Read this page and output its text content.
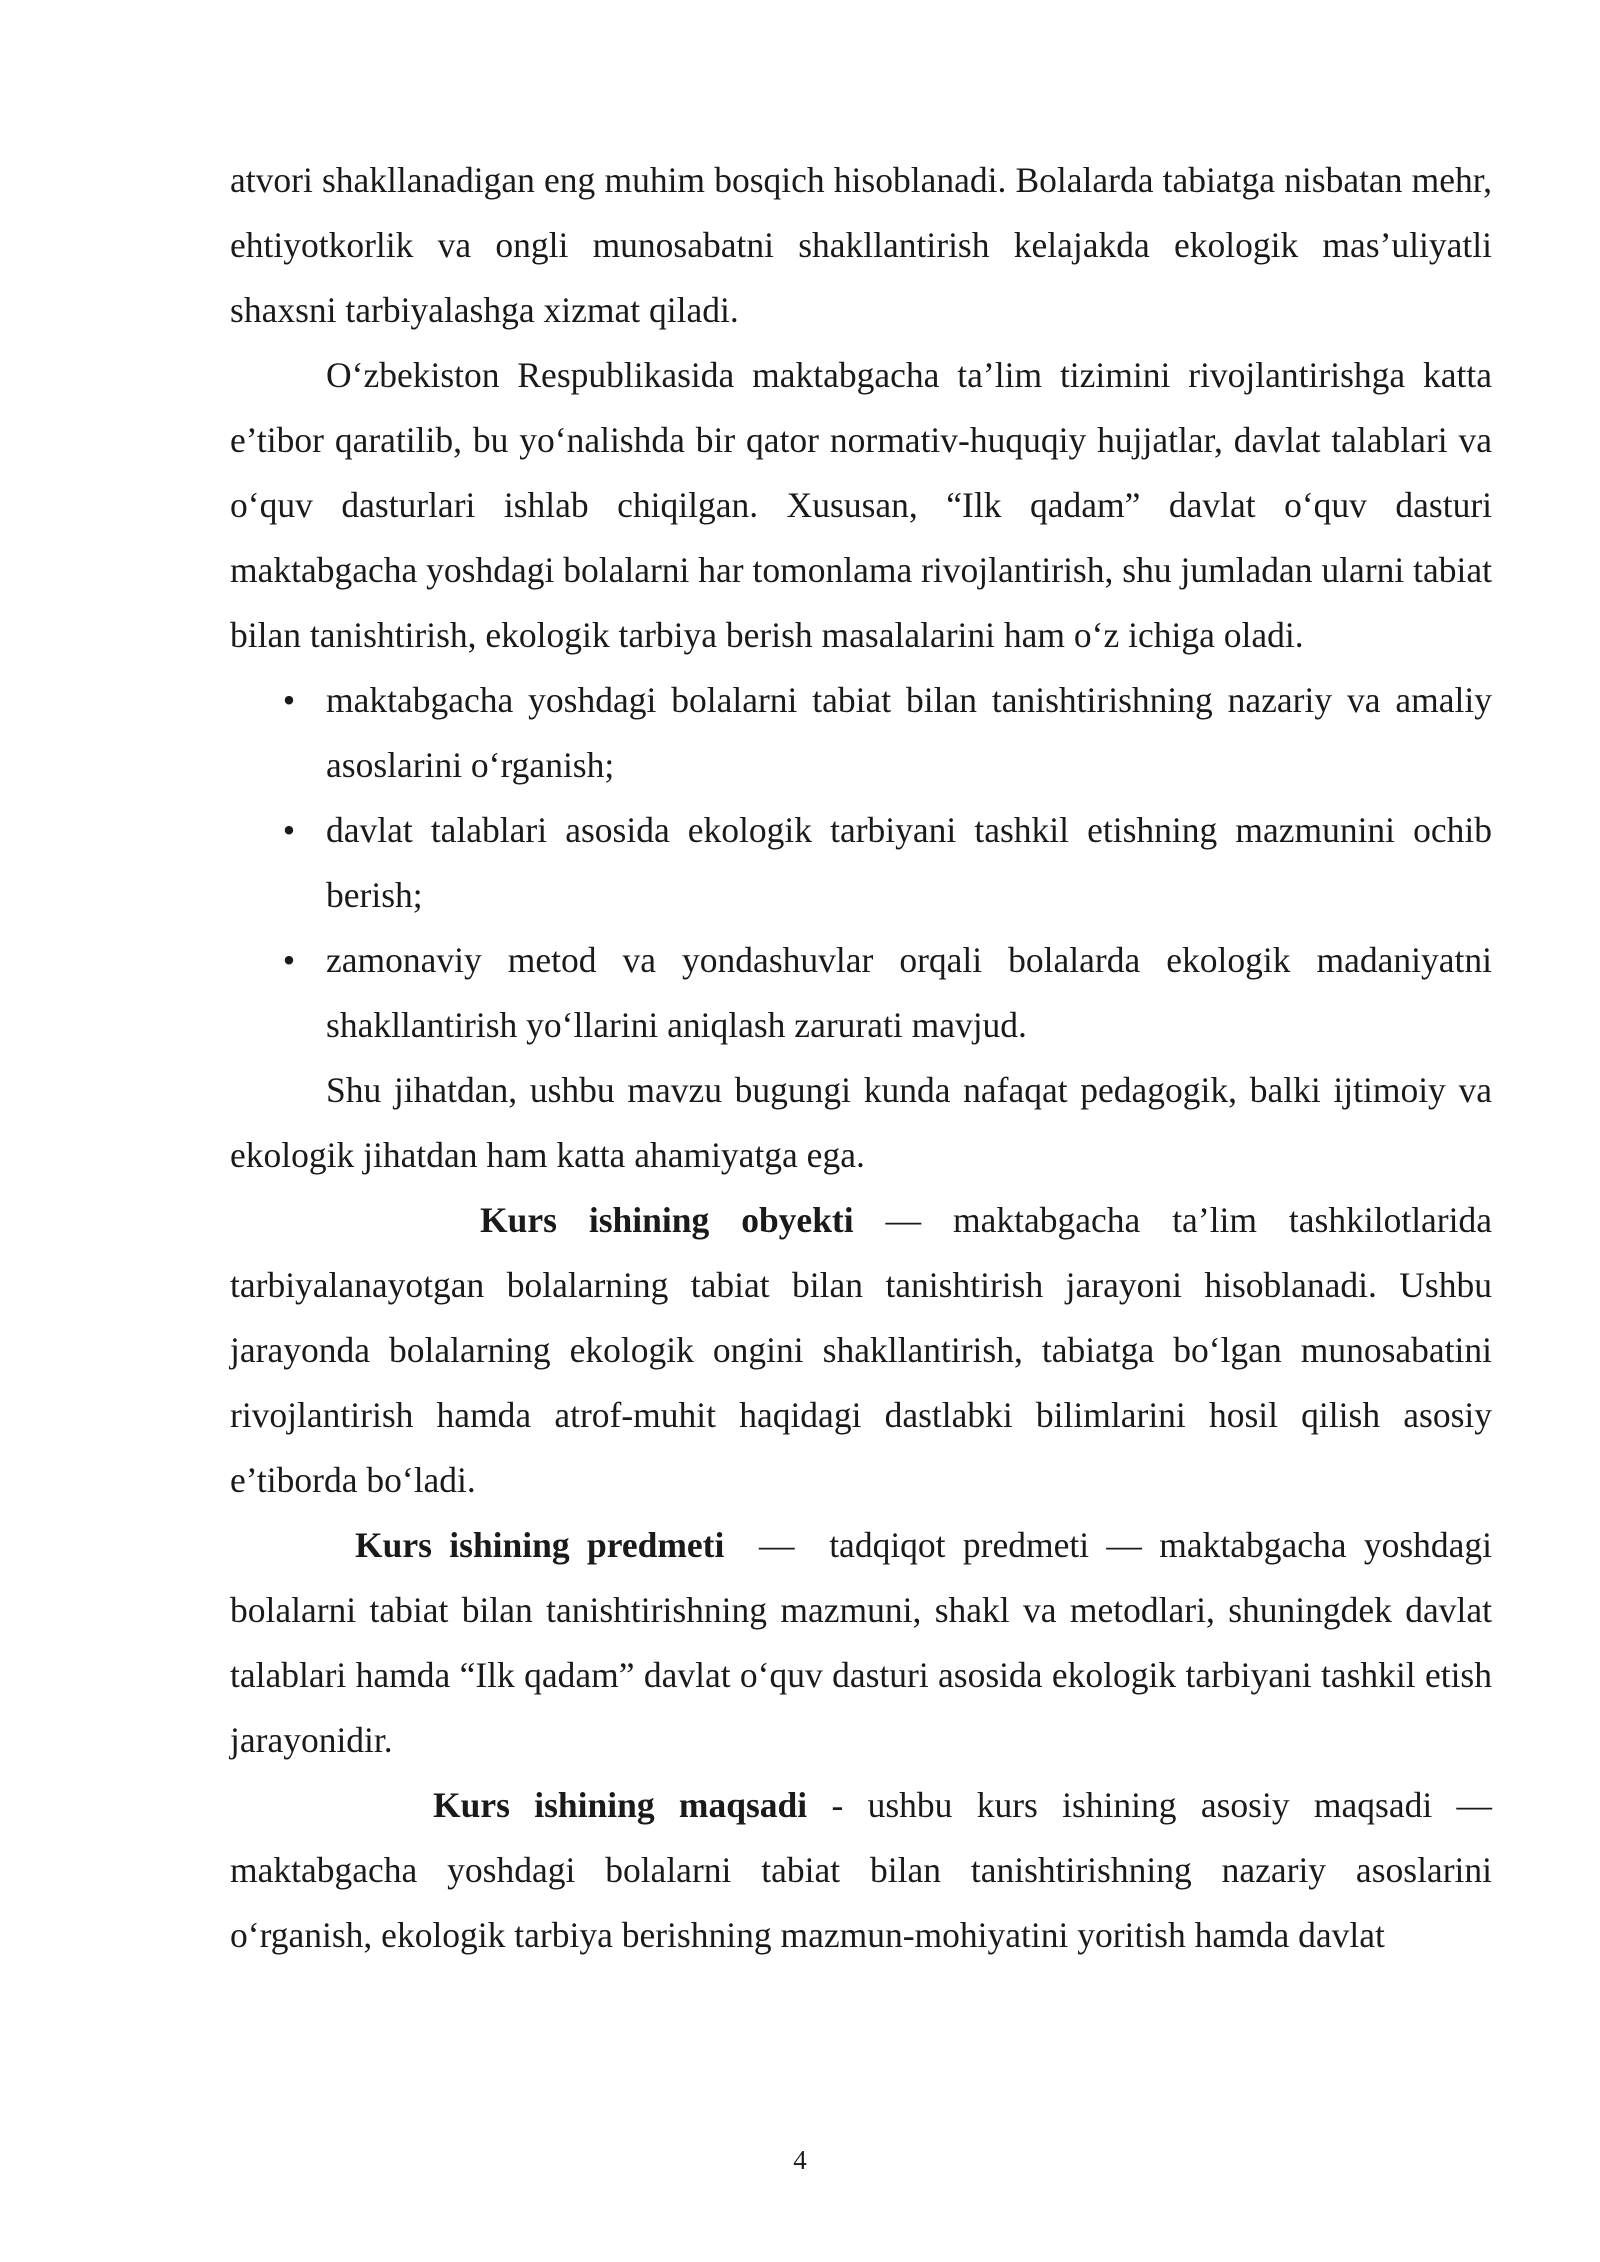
atvori shakllanadigan eng muhim bosqich hisoblanadi. Bolalarda tabiatga nisbatan mehr, ehtiyotkorlik va ongli munosabatni shakllantirish kelajakda ekologik mas’uliyatli shaxsni tarbiyalashga xizmat qiladi.

O‘zbekiston Respublikasida maktabgacha ta’lim tizimini rivojlantirishga katta e’tibor qaratilib, bu yo‘nalishda bir qator normativ-huquqiy hujjatlar, davlat talablari va o‘quv dasturlari ishlab chiqilgan. Xususan, “Ilk qadam” davlat o‘quv dasturi maktabgacha yoshdagi bolalarni har tomonlama rivojlantirish, shu jumladan ularni tabiat bilan tanishtirish, ekologik tarbiya berish masalalarini ham o‘z ichiga oladi.

• maktabgacha yoshdagi bolalarni tabiat bilan tanishtirishning nazariy va amaliy asoslarini o‘rganish;
• davlat talablari asosida ekologik tarbiyani tashkil etishning mazmunini ochib berish;
• zamonaviy metod va yondashuvlar orqali bolalarda ekologik madaniyatni shakllantirish yo‘llarini aniqlash zarurati mavjud.

Shu jihatdan, ushbu mavzu bugungi kunda nafaqat pedagogik, balki ijtimoiy va ekologik jihatdan ham katta ahamiyatga ega.

Kurs ishining obyekti — maktabgacha ta’lim tashkilotlarida tarbiyalanayotgan bolalarning tabiat bilan tanishtirish jarayoni hisoblanadi. Ushbu jarayonda bolalarning ekologik ongini shakllantirish, tabiatga bo‘lgan munosabatini rivojlantirish hamda atrof-muhit haqidagi dastlabki bilimlarini hosil qilish asosiy e’tiborda bo‘ladi.

Kurs ishining predmeti  —  tadqiqot predmeti — maktabgacha yoshdagi bolalarni tabiat bilan tanishtirishning mazmuni, shakl va metodlari, shuningdek davlat talablari hamda “Ilk qadam” davlat o‘quv dasturi asosida ekologik tarbiyani tashkil etish jarayonidir.

Kurs ishining maqsadi - ushbu kurs ishining asosiy maqsadi — maktabgacha yoshdagi bolalarni tabiat bilan tanishtirishning nazariy asoslarini o‘rganish, ekologik tarbiya berishning mazmun-mohiyatini yoritish hamda davlat

4
